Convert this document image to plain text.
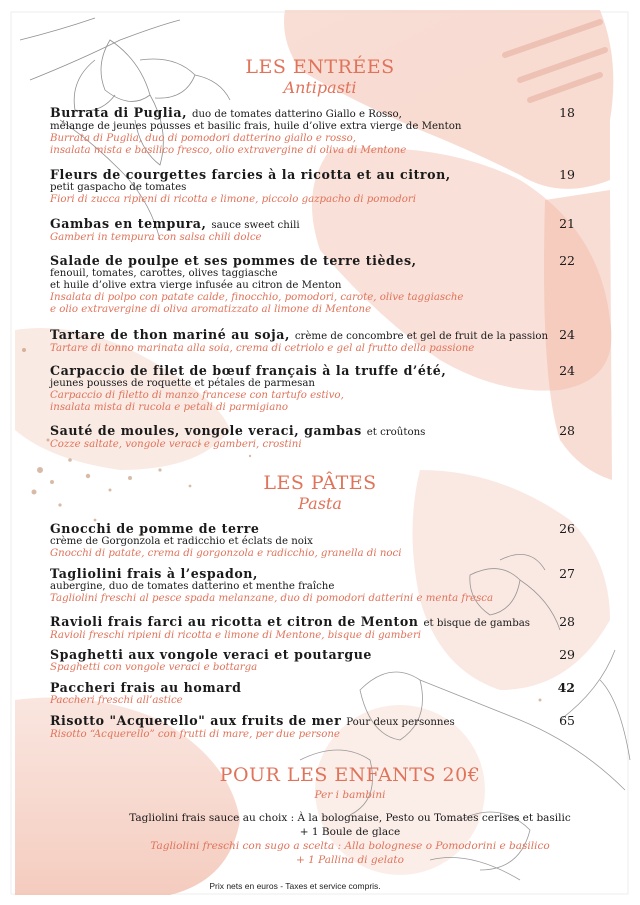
LES ENTRÉES
Antipasti
Burrata di Puglia, duo de tomates datterino Giallo e Rosso,
mélange de jeunes pousses et basilic frais, huile d’olive extra vierge de Menton
Burrata di Puglia, duo di pomodori datterino giallo e rosso,
insalata mista e basilico fresco, olio extravergine di oliva di Mentone
18
Fleurs de courgettes farcies à la ricotta et au citron,
petit gaspacho de tomates
Fiori di zucca ripieni di ricotta e limone, piccolo gazpacho di pomodori
19
Gambas en tempura, sauce sweet chili
Gamberi in tempura con salsa chili dolce
21
Salade de poulpe et ses pommes de terre tièdes,
fenouil, tomates, carottes, olives taggiasche
et huile d’olive extra vierge infusée au citron de Menton
Insalata di polpo con patate calde, finocchio, pomodori, carote, olive taggiasche
e olio extravergine di oliva aromatizzato al limone di Mentone
22
Tartare de thon mariné au soja, crème de concombre et gel de fruit de la passion
Tartare di tonno marinata alla soia, crema di cetriolo e gel al frutto della passione
24
Carpaccio de filet de bœuf français à la truffe d’été,
jeunes pousses de roquette et pétales de parmesan
Carpaccio di filetto di manzo francese con tartufo estivo,
insalata mista di rucola e petali di parmigiano
24
Sauté de moules, vongole veraci, gambas et croûtons
Cozze saltate, vongole veraci e gamberi, crostini
28
LES PÂTES
Pasta
Gnocchi de pomme de terre
crème de Gorgonzola et radicchio et éclats de noix
Gnocchi di patate, crema di gorgonzola e radicchio, granella di noci
26
Tagliolini frais à l’espadon,
aubergine, duo de tomates datterino et menthe fraîche
Tagliolini freschi al pesce spada melanzane, duo di pomodori datterini e menta fresca
27
Ravioli frais farci au ricotta et citron de Menton et bisque de gambas
Ravioli freschi ripieni di ricotta e limone di Mentone, bisque di gamberi
28
Spaghetti aux vongole veraci et poutargue
Spaghetti con vongole veraci e bottarga
29
Paccheri frais au homard
Paccheri freschi all’astice
42
Risotto "Acquerello" aux fruits de mer Pour deux personnes
Risotto “Acquerello” con frutti di mare, per due persone
65
POUR LES ENFANTS 20€
Per i bambini
Tagliolini frais sauce au choix : À la bolognaise, Pesto ou Tomates cerises et basilic
+ 1 Boule de glace
Tagliolini freschi con sugo a scelta : Alla bolognese o Pomodorini e basilico
+ 1 Pallina di gelato
Prix nets en euros - Taxes et service compris.
